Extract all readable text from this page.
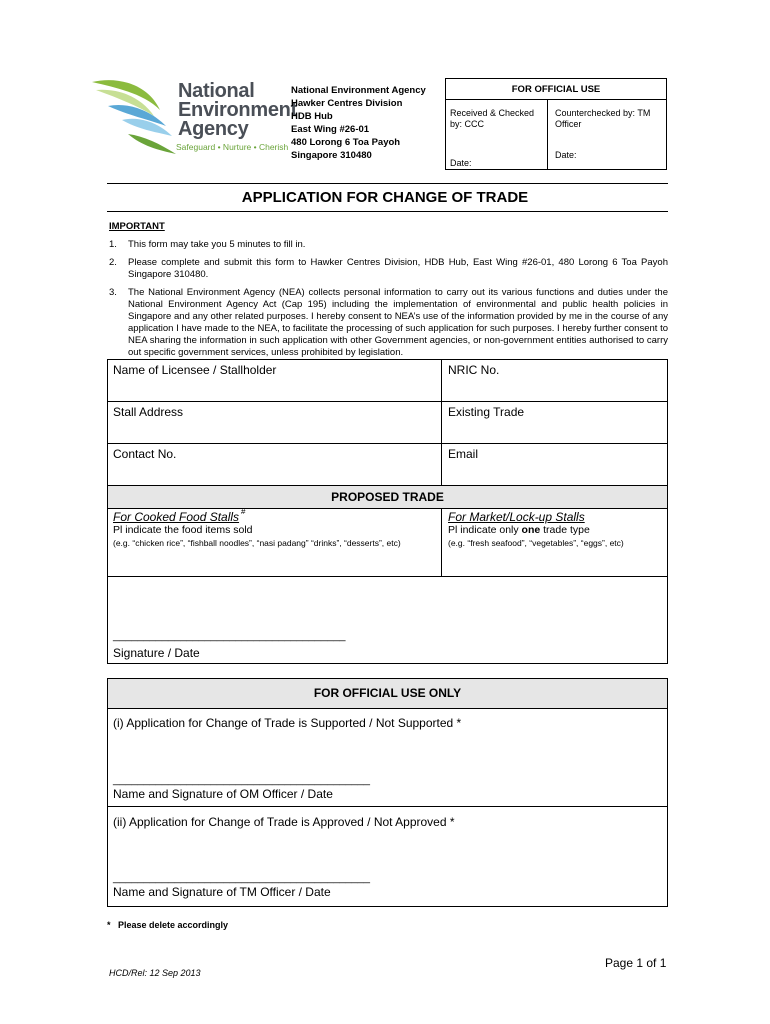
National
Environment
Agency
Safeguard • Nurture • Cherish
National Environment Agency
Hawker Centres Division
HDB Hub
East Wing #26-01
480 Lorong 6 Toa Payoh
Singapore 310480
FOR OFFICIAL USE
Received & Checked by: CCC
Counterchecked by: TM Officer
Date:
Date:
APPLICATION FOR CHANGE OF TRADE
IMPORTANT
1. This form may take you 5 minutes to fill in.
2. Please complete and submit this form to Hawker Centres Division, HDB Hub, East Wing #26-01, 480 Lorong 6 Toa Payoh Singapore 310480.
3. The National Environment Agency (NEA) collects personal information to carry out its various functions and duties under the National Environment Agency Act (Cap 195) including the implementation of environmental and public health policies in Singapore and any other related purposes. I hereby consent to NEA’s use of the information provided by me in the course of any application I have made to the NEA, to facilitate the processing of such application for such purposes. I hereby further consent to NEA sharing the information in such application with other Government agencies, or non-government entities authorised to carry out specific government services, unless prohibited by legislation.
Name of Licensee / Stallholder	NRIC No.
Stall Address	Existing Trade
Contact No.	Email
PROPOSED TRADE
For Cooked Food Stalls #
Pl indicate the food items sold
(e.g. “chicken rice”, “fishball noodles”, “nasi padang” “drinks”, “desserts”, etc)
For Market/Lock-up Stalls
Pl indicate only one trade type
(e.g. “fresh seafood”, “vegetables”, “eggs”, etc)
______________________________________
Signature / Date
FOR OFFICIAL USE ONLY
(i) Application for Change of Trade is Supported / Not Supported *
__________________________________________
Name and Signature of OM Officer / Date
(ii) Application for Change of Trade is Approved / Not Approved *
__________________________________________
Name and Signature of TM Officer / Date
* Please delete accordingly
Page 1 of 1
HCD/Rel: 12 Sep 2013
